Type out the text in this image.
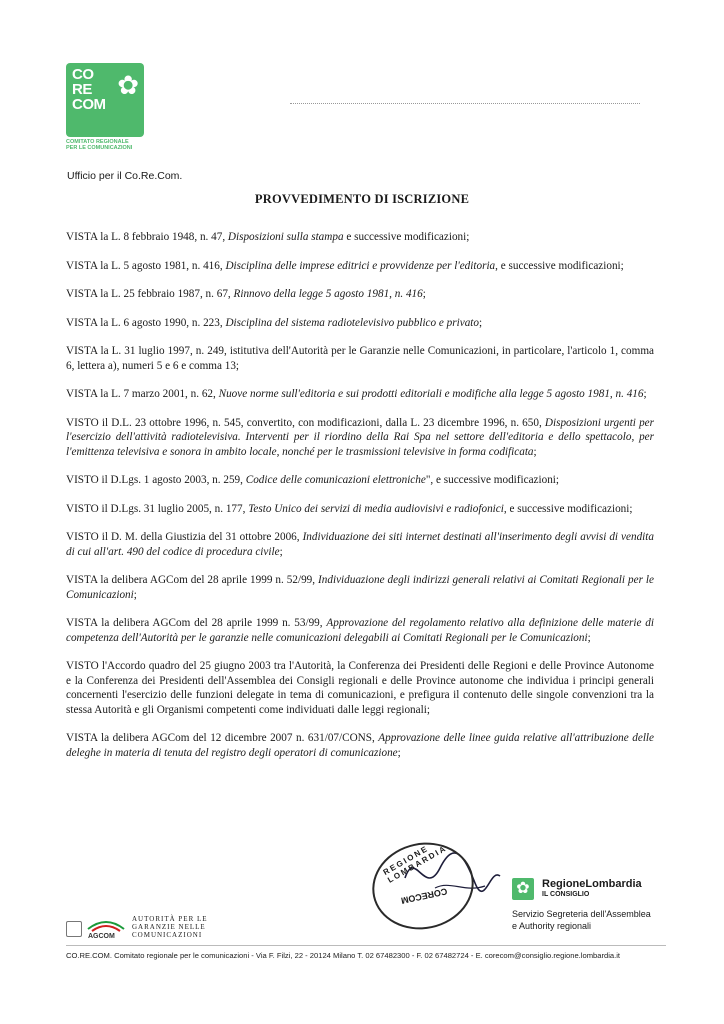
CO
RE
COM
✿
COMITATO REGIONALE
PER LE COMUNICAZIONI
Ufficio per il Co.Re.Com.
PROVVEDIMENTO DI ISCRIZIONE

VISTA la L. 8 febbraio 1948, n. 47, Disposizioni sulla stampa e successive modificazioni;

VISTA la L. 5 agosto 1981, n. 416, Disciplina delle imprese editrici e provvidenze per l'editoria, e successive modificazioni;

VISTA la L. 25 febbraio 1987, n. 67, Rinnovo della legge 5 agosto 1981, n. 416;

VISTA la L. 6 agosto 1990, n. 223, Disciplina del sistema radiotelevisivo pubblico e privato;

VISTA la L. 31 luglio 1997, n. 249, istitutiva dell'Autorità per le Garanzie nelle Comunicazioni, in particolare, l'articolo 1, comma 6, lettera a), numeri 5 e 6 e comma 13;

VISTA la L. 7 marzo 2001, n. 62, Nuove norme sull'editoria e sui prodotti editoriali e modifiche alla legge 5 agosto 1981, n. 416;

VISTO il D.L. 23 ottobre 1996, n. 545, convertito, con modificazioni, dalla L. 23 dicembre 1996, n. 650, Disposizioni urgenti per l'esercizio dell'attività radiotelevisiva. Interventi per il riordino della Rai Spa nel settore dell'editoria e dello spettacolo, per l'emittenza televisiva e sonora in ambito locale, nonché per le trasmissioni televisive in forma codificata;

VISTO il D.Lgs. 1 agosto 2003, n. 259, Codice delle comunicazioni elettroniche", e successive modificazioni;

VISTO il D.Lgs. 31 luglio 2005, n. 177, Testo Unico dei servizi di media audiovisivi e radiofonici, e successive modificazioni;

VISTO il D. M. della Giustizia del 31 ottobre 2006, Individuazione dei siti internet destinati all'inserimento degli avvisi di vendita di cui all'art. 490 del codice di procedura civile;

VISTA la delibera AGCom del 28 aprile 1999 n. 52/99, Individuazione degli indirizzi generali relativi ai Comitati Regionali per le Comunicazioni;

VISTA la delibera AGCom del 28 aprile 1999 n. 53/99, Approvazione del regolamento relativo alla definizione delle materie di competenza dell'Autorità per le garanzie nelle comunicazioni delegabili ai Comitati Regionali per le Comunicazioni;

VISTO l'Accordo quadro del 25 giugno 2003 tra l'Autorità, la Conferenza dei Presidenti delle Regioni e delle Province Autonome e la Conferenza dei Presidenti dell'Assemblea dei Consigli regionali e delle Province autonome che individua i principi generali concernenti l'esercizio delle funzioni delegate in tema di comunicazioni, e prefigura il contenuto delle singole convenzioni tra la stessa Autorità e gli Organismi competenti come individuati dalle leggi regionali;

VISTA la delibera AGCom del 12 dicembre 2007 n. 631/07/CONS, Approvazione delle linee guida relative all'attribuzione delle deleghe in materia di tenuta del registro degli operatori di comunicazione;

CORECOM
REGIONE LOMBARDIA
✿	RegioneLombardia
IL CONSIGLIO
Servizio Segreteria dell'Assemblea
e Authority regionali
AGCOM
AUTORITÀ PER LE
GARANZIE NELLE
COMUNICAZIONI
CO.RE.COM. Comitato regionale per le comunicazioni - Via F. Filzi, 22 - 20124 Milano T. 02 67482300 - F. 02 67482724 - E. corecom@consiglio.regione.lombardia.it
